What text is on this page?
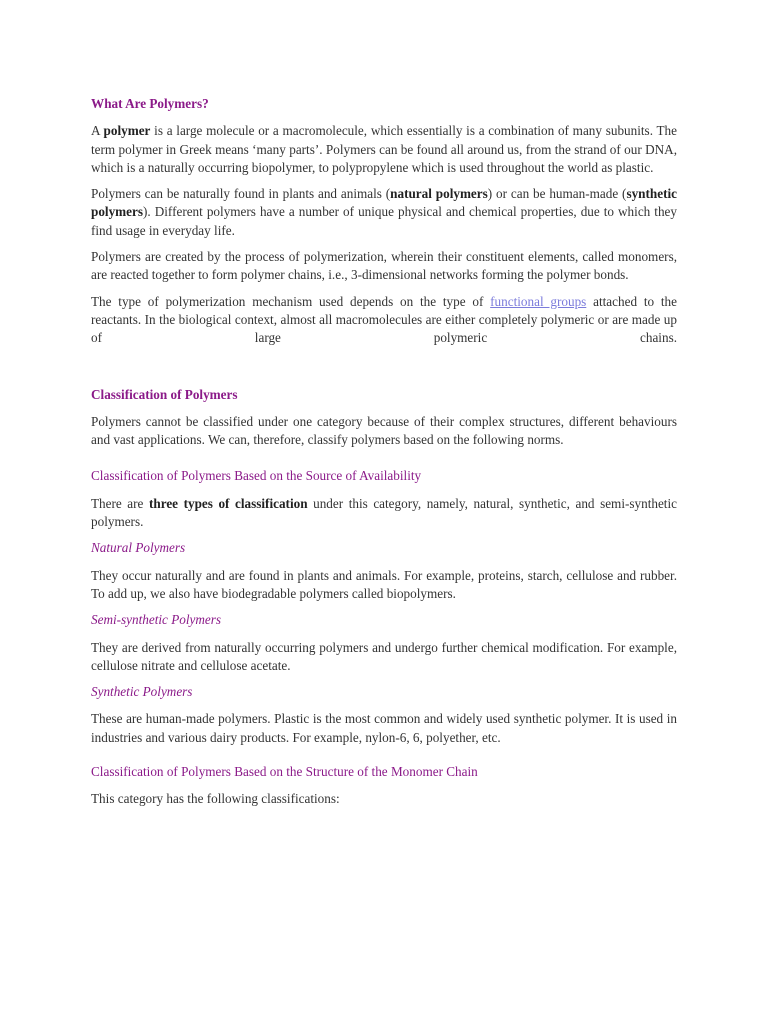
What Are Polymers?

A polymer is a large molecule or a macromolecule, which essentially is a combination of many subunits. The term polymer in Greek means ‘many parts’. Polymers can be found all around us, from the strand of our DNA, which is a naturally occurring biopolymer, to polypropylene which is used throughout the world as plastic.

Polymers can be naturally found in plants and animals (natural polymers) or can be human-made (synthetic polymers). Different polymers have a number of unique physical and chemical properties, due to which they find usage in everyday life.

Polymers are created by the process of polymerization, wherein their constituent elements, called monomers, are reacted together to form polymer chains, i.e., 3-dimensional networks forming the polymer bonds.

The type of polymerization mechanism used depends on the type of functional groups attached to the reactants. In the biological context, almost all macromolecules are either completely polymeric or are made up of large polymeric chains.

Classification of Polymers

Polymers cannot be classified under one category because of their complex structures, different behaviours and vast applications. We can, therefore, classify polymers based on the following norms.

Classification of Polymers Based on the Source of Availability

There are three types of classification under this category, namely, natural, synthetic, and semi-synthetic polymers.

Natural Polymers

They occur naturally and are found in plants and animals. For example, proteins, starch, cellulose and rubber. To add up, we also have biodegradable polymers called biopolymers.

Semi-synthetic Polymers

They are derived from naturally occurring polymers and undergo further chemical modification. For example, cellulose nitrate and cellulose acetate.

Synthetic Polymers

These are human-made polymers. Plastic is the most common and widely used synthetic polymer. It is used in industries and various dairy products. For example, nylon-6, 6, polyether, etc.

Classification of Polymers Based on the Structure of the Monomer Chain

This category has the following classifications:
